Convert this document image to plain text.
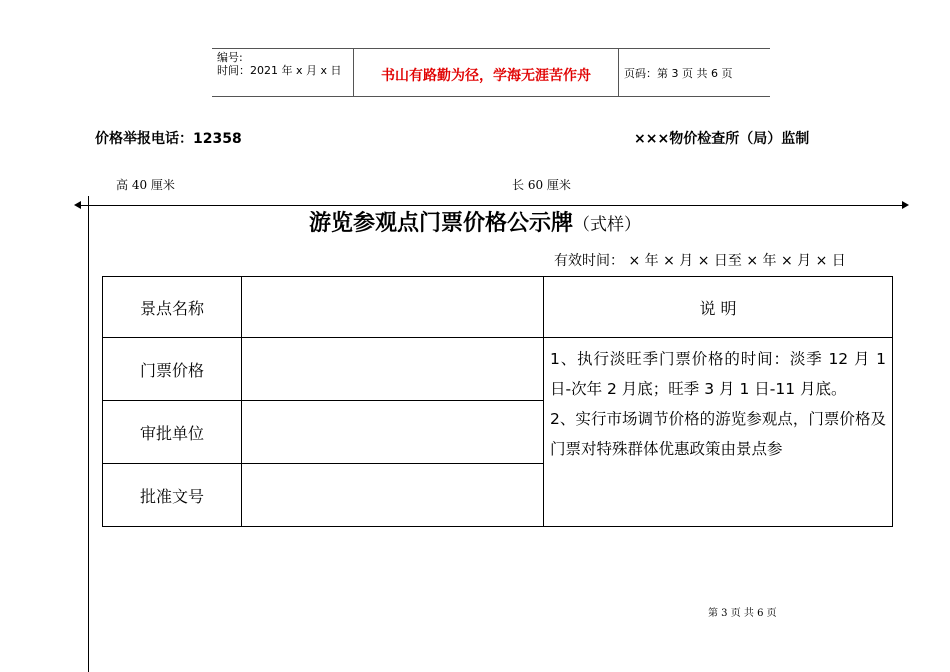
编号:
时间：2021 年 x 月 x 日	书山有路勤为径，学海无涯苦作舟	页码：第 3 页 共 6 页
价格举报电话：12358	×××物价检查所（局）监制
高 40 厘米	长 60 厘米
游览参观点门票价格公示牌（式样）
有效时间： × 年 × 月 × 日至 × 年 × 月 × 日
景点名称		说 明
门票价格		1、执行淡旺季门票价格的时间：淡季 12 月 1 日-次年 2 月底；旺季 3 月 1 日-11 月底。

2、实行市场调节价格的游览参观点，门票价格及门票对特殊群体优惠政策由景点参

审批单位		
批准文号		
第 3 页 共 6 页
